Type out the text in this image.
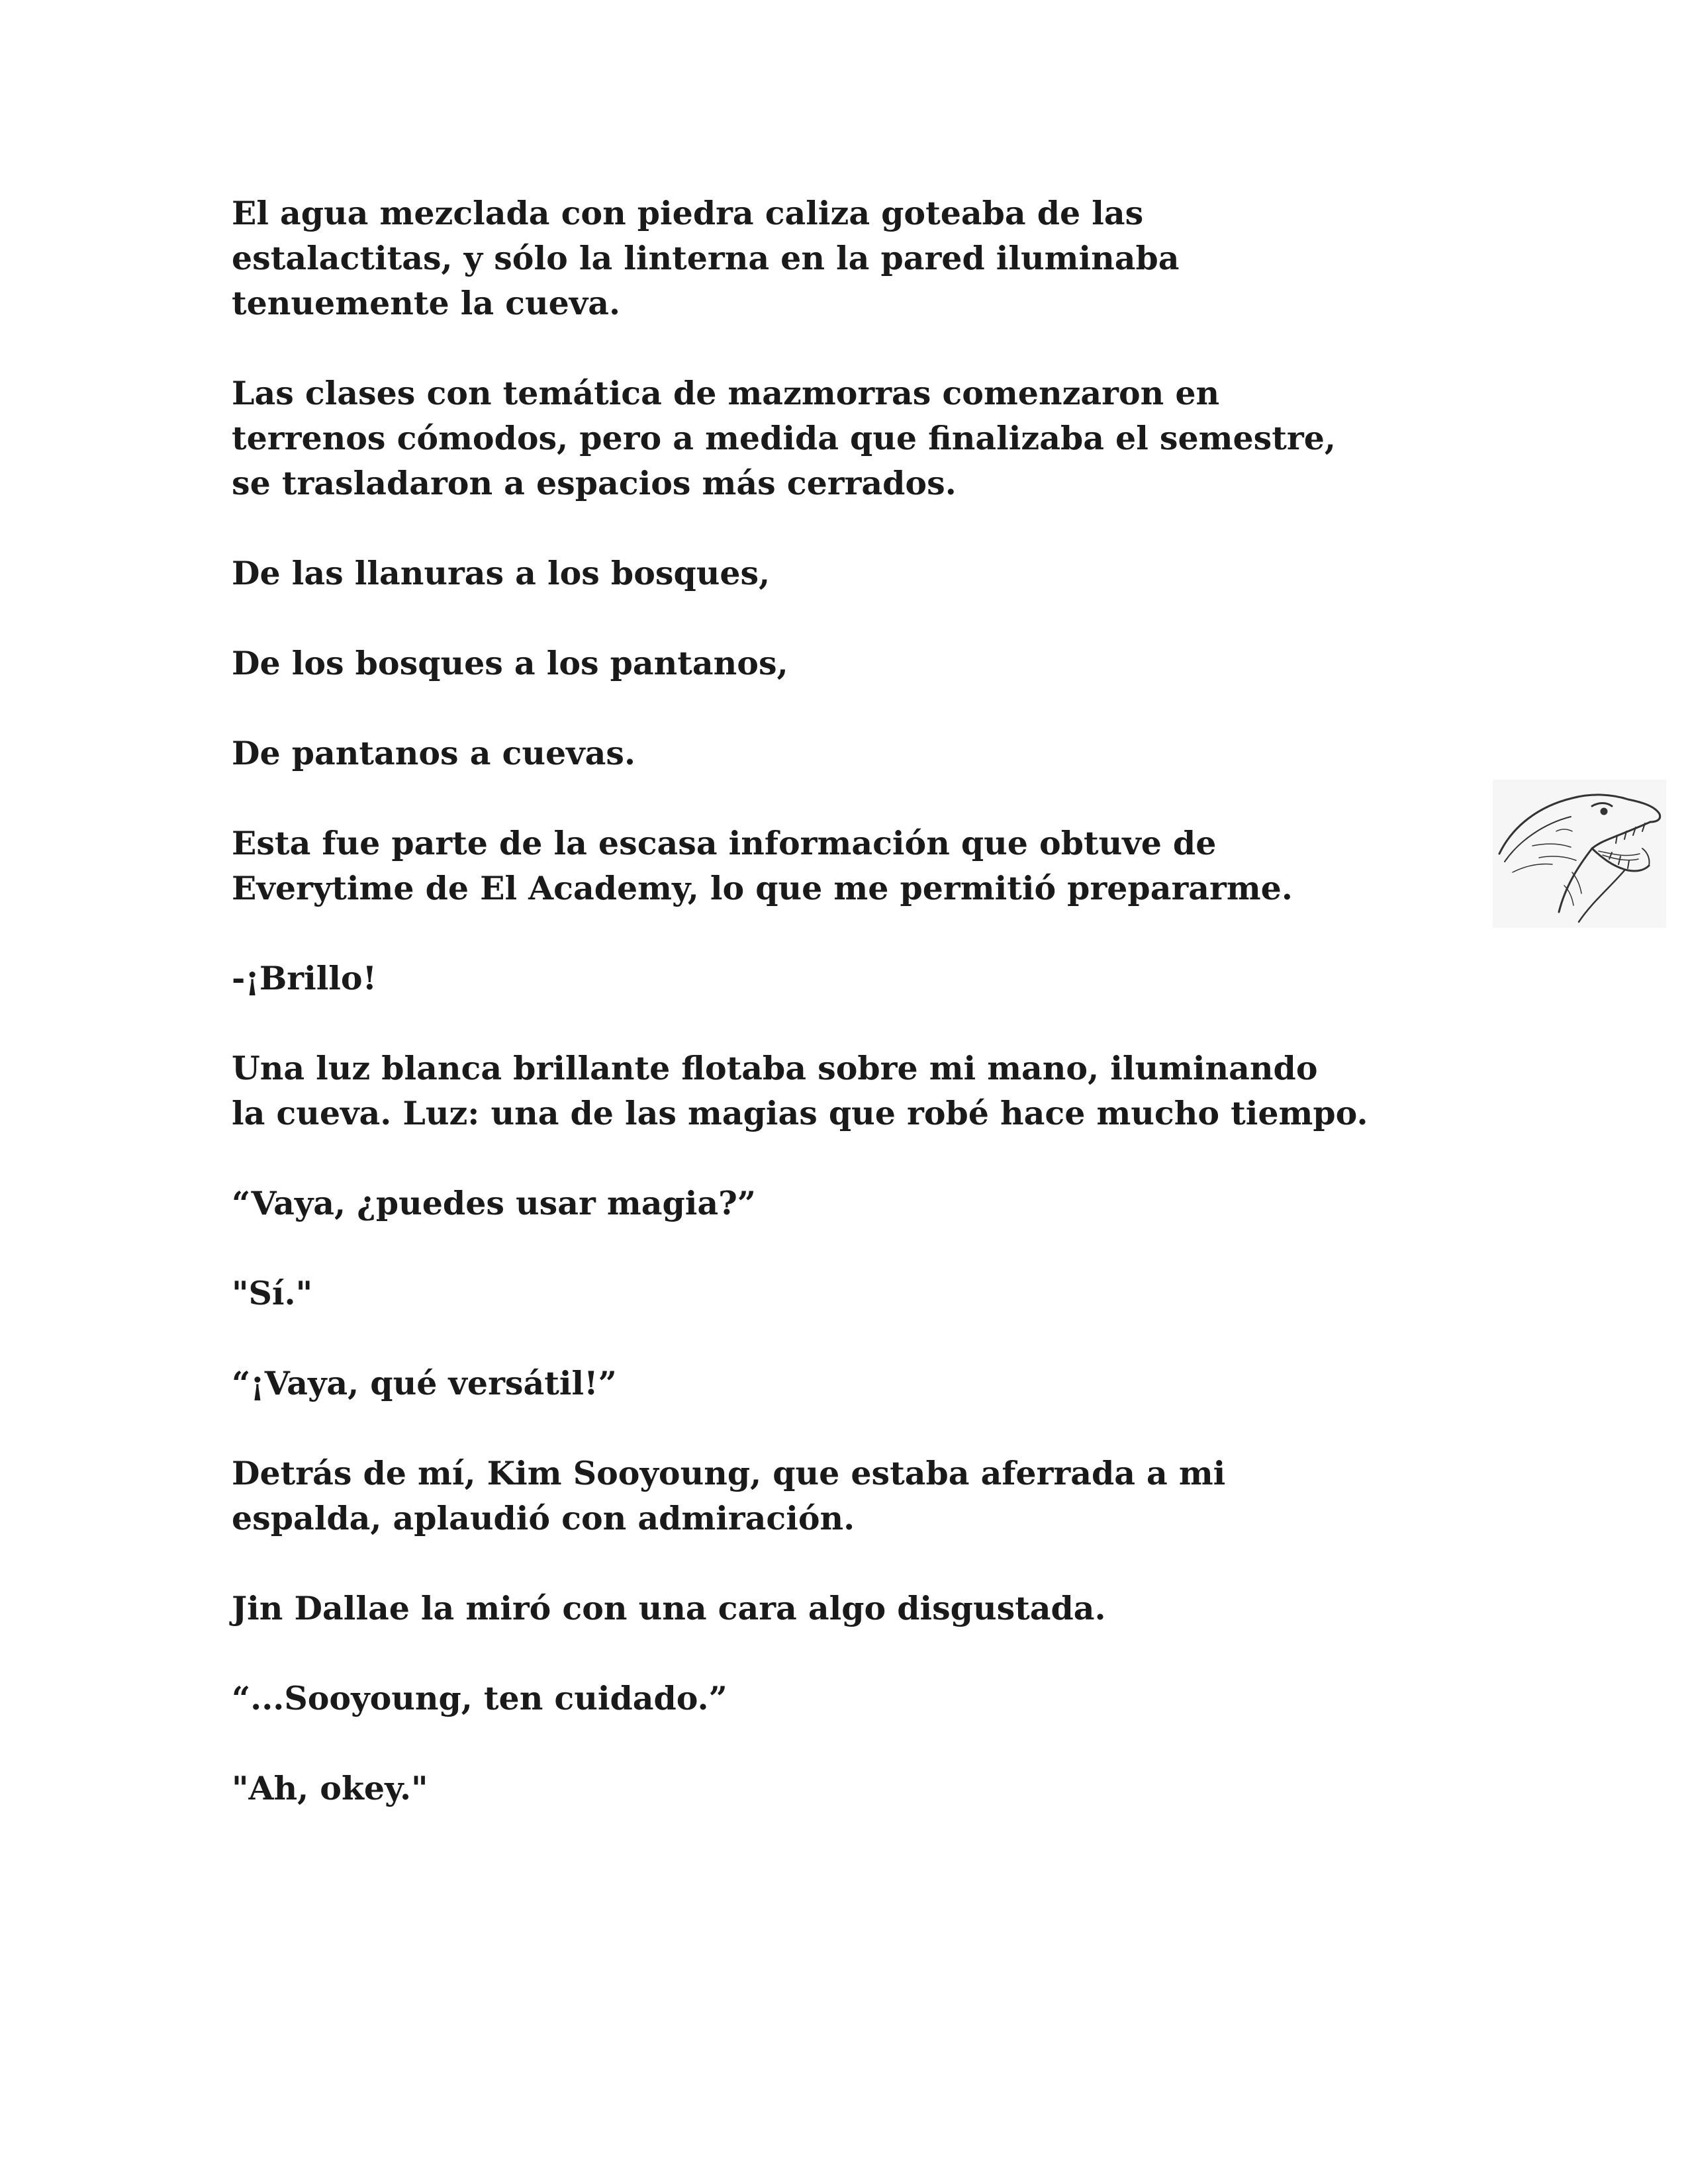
El agua mezclada con piedra caliza goteaba de las
estalactitas, y sólo la linterna en la pared iluminaba
tenuemente la cueva.

Las clases con temática de mazmorras comenzaron en
terrenos cómodos, pero a medida que finalizaba el semestre,
se trasladaron a espacios más cerrados.

De las llanuras a los bosques,

De los bosques a los pantanos,

De pantanos a cuevas.

Esta fue parte de la escasa información que obtuve de
Everytime de El Academy, lo que me permitió prepararme.

-¡Brillo!

Una luz blanca brillante flotaba sobre mi mano, iluminando
la cueva. Luz: una de las magias que robé hace mucho tiempo.

“Vaya, ¿puedes usar magia?”

"Sí."

“¡Vaya, qué versátil!”

Detrás de mí, Kim Sooyoung, que estaba aferrada a mi
espalda, aplaudió con admiración.

Jin Dallae la miró con una cara algo disgustada.

“...Sooyoung, ten cuidado.”

"Ah, okey."
